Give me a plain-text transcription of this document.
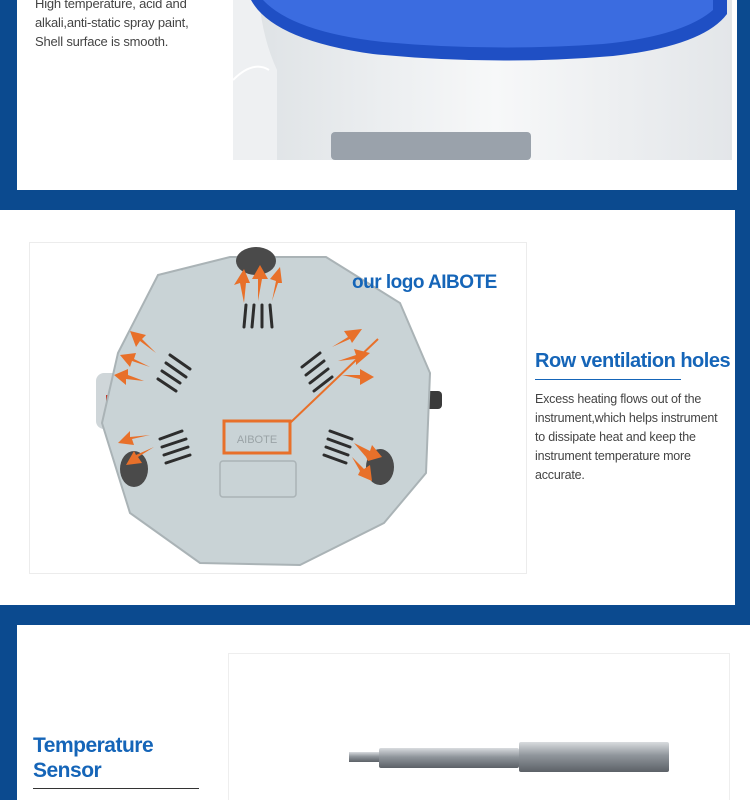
High temperature, acid and alkali,anti-static spray paint, Shell surface is smooth.
AIBOTE
our logo AIBOTE
Row ventilation holes
Excess heating flows out of the instrument,which helps instrument to dissipate heat and keep the instrument temperature more accurate.
Temperature Sensor
